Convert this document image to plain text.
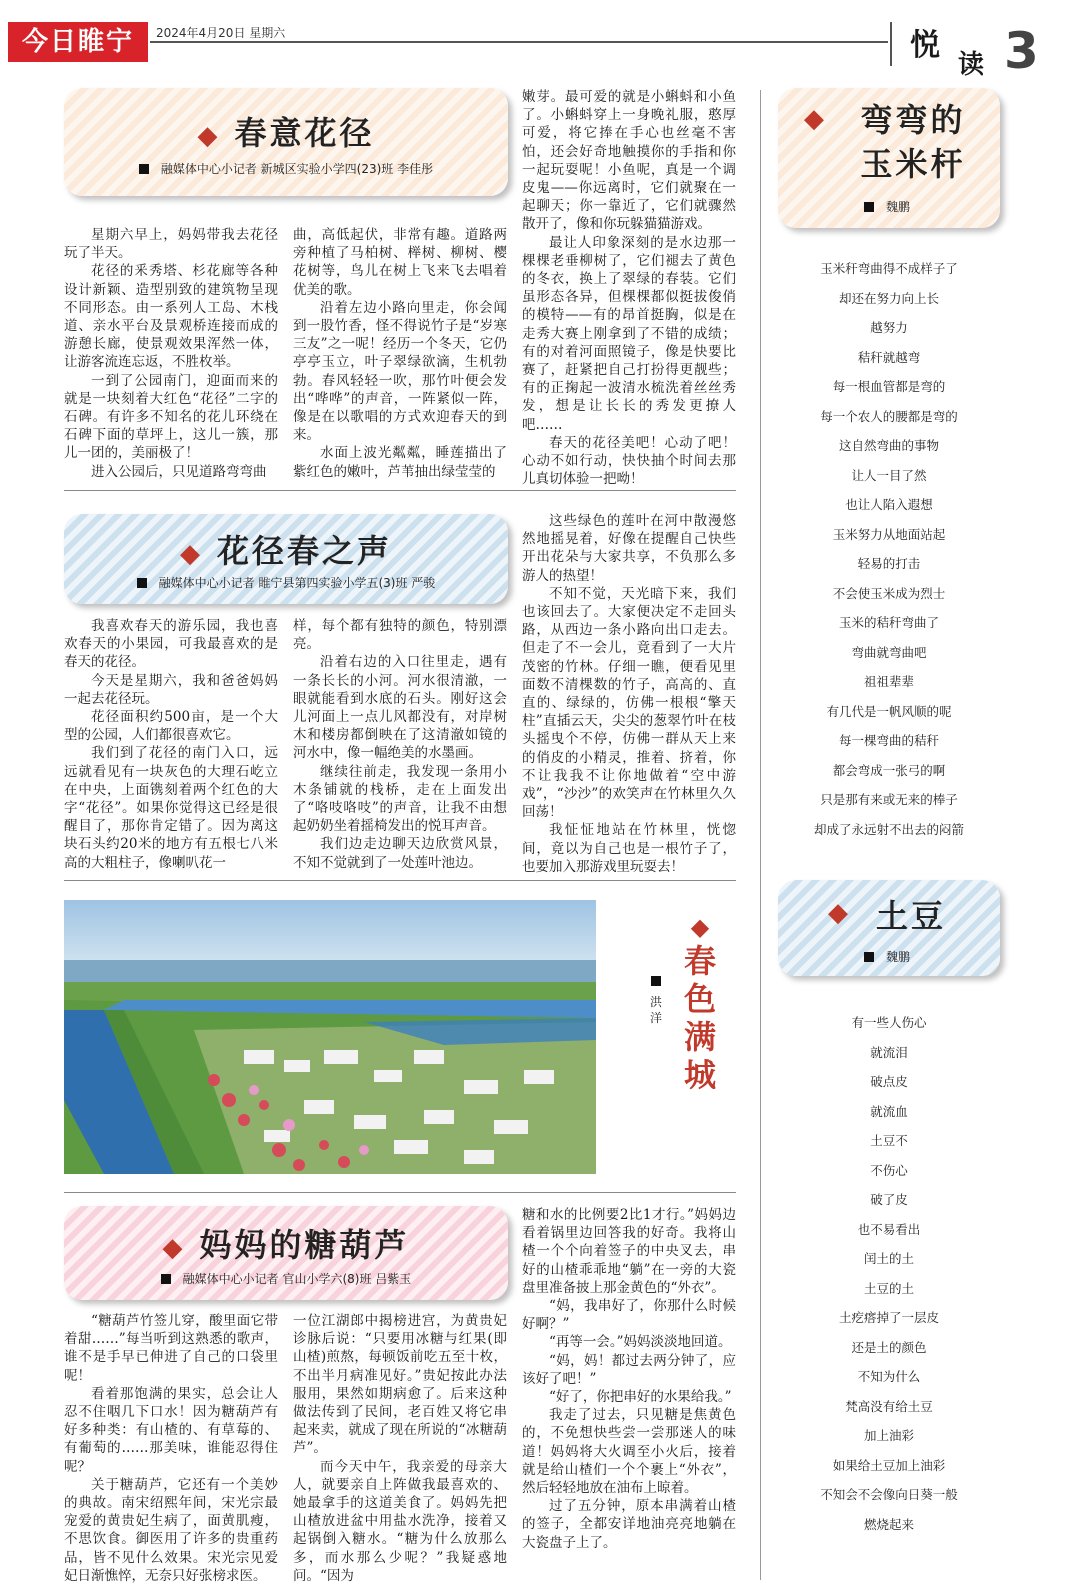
今日睢宁	2024年4月20日 星期六	悦
读 3
◆ 春意花径
融媒体中心小记者 新城区实验小学四(23)班 李佳彤

星期六早上，妈妈带我去花径玩了半天。

花径的釆秀塔、杉花廊等各种设计新颖、造型别致的建筑物呈现不同形态。由一系列人工岛、木栈道、亲水平台及景观桥连接而成的游憩长廊，使景观效果浑然一体，让游客流连忘返，不胜枚举。

一到了公园南门，迎面而来的就是一块刻着大红色“花径”二字的石碑。有许多不知名的花儿环绕在石碑下面的草坪上，这儿一簇，那儿一团的，美丽极了！

进入公园后，只见道路弯弯曲

曲，高低起伏，非常有趣。道路两旁种植了马柏树、榉树、柳树、樱花树等，鸟儿在树上飞来飞去唱着优美的歌。

沿着左边小路向里走，你会闻到一股竹香，怪不得说竹子是“岁寒三友”之一呢！经历一个冬天，它仍亭亭玉立，叶子翠绿欲滴，生机勃勃。春风轻轻一吹，那竹叶便会发出“哗哗”的声音，一阵紧似一阵，像是在以歌唱的方式欢迎春天的到来。

水面上波光粼粼，睡莲描出了紫红色的嫩叶，芦苇抽出绿莹莹的

嫩芽。最可爱的就是小蝌蚪和小鱼了。小蝌蚪穿上一身晚礼服，憨厚可爱，将它捧在手心也丝毫不害怕，还会好奇地触摸你的手指和你一起玩耍呢！小鱼呢，真是一个调皮鬼——你远离时，它们就聚在一起聊天；你一靠近了，它们就骤然散开了，像和你玩躲猫猫游戏。

最让人印象深刻的是水边那一棵棵老垂柳树了，它们褪去了黄色的冬衣，换上了翠绿的春装。它们虽形态各异，但棵棵都似挺拔俊俏的模特——有的昂首挺胸，似是在走秀大赛上刚拿到了不错的成绩；有的对着河面照镜子，像是快要比赛了，赶紧把自己打扮得更靓些；有的正掬起一波清水梳洗着丝丝秀发，想是让长长的秀发更撩人吧……

春天的花径美吧！心动了吧！心动不如行动，快快抽个时间去那儿真切体验一把呦！

◆ 花径春之声
融媒体中心小记者 睢宁县第四实验小学五(3)班 严骏

我喜欢春天的游乐园，我也喜欢春天的小果园，可我最喜欢的是春天的花径。

今天是星期六，我和爸爸妈妈一起去花径玩。

花径面积约500亩，是一个大型的公园，人们都很喜欢它。

我们到了花径的南门入口，远远就看见有一块灰色的大理石屹立在中央，上面镌刻着两个红色的大字“花径”。如果你觉得这已经是很醒目了，那你肯定错了。因为离这块石头约20米的地方有五根七八米高的大粗柱子，像喇叭花一

样，每个都有独特的颜色，特别漂亮。

沿着右边的入口往里走，遇有一条长长的小河。河水很清澈，一眼就能看到水底的石头。刚好这会儿河面上一点儿风都没有，对岸树木和楼房都倒映在了这清澈如镜的河水中，像一幅绝美的水墨画。

继续往前走，我发现一条用小木条铺就的栈桥，走在上面发出了“咯吱咯吱”的声音，让我不由想起奶奶坐着摇椅发出的悦耳声音。

我们边走边聊天边欣赏风景，不知不觉就到了一处莲叶池边。

这些绿色的莲叶在河中散漫悠然地摇晃着，好像在提醒自己快些开出花朵与大家共享，不负那么多游人的热望！

不知不觉，天光暗下来，我们也该回去了。大家便决定不走回头路，从西边一条小路向出口走去。但走了不一会儿，竟看到了一大片茂密的竹林。仔细一瞧，便看见里面数不清棵数的竹子，高高的、直直的、绿绿的，仿佛一根根“擎天柱”直插云天，尖尖的葱翠竹叶在枝头摇曳个不停，仿佛一群从天上来的俏皮的小精灵，推着、挤着，你不让我我不让你地做着“空中游戏”，“沙沙”的欢笑声在竹林里久久回荡！

我怔怔地站在竹林里，恍惚间，竟以为自己也是一根竹子了，也要加入那游戏里玩耍去！

◆
春色满城
洪洋
◆ 妈妈的糖葫芦
融媒体中心小记者 官山小学六(8)班 吕紫玉

“糖葫芦竹签儿穿，酸里面它带着甜……”每当听到这熟悉的歌声，谁不是手早已伸进了自己的口袋里呢！

看着那饱满的果实，总会让人忍不住咽几下口水！因为糖葫芦有好多种类：有山楂的、有草莓的、有葡萄的……那美味，谁能忍得住呢？

关于糖葫芦，它还有一个美妙的典故。南宋绍熙年间，宋光宗最宠爱的黄贵妃生病了，面黄肌瘦，不思饮食。御医用了许多的贵重药品，皆不见什么效果。宋光宗见爱妃日渐憔悴，无奈只好张榜求医。

一位江湖郎中揭榜进宫，为黄贵妃诊脉后说：“只要用冰糖与红果(即山楂)煎熬，每顿饭前吃五至十枚，不出半月病准见好。”贵妃按此办法服用，果然如期病愈了。后来这种做法传到了民间，老百姓又将它串起来卖，就成了现在所说的“冰糖葫芦”。

而今天中午，我亲爱的母亲大人，就要亲自上阵做我最喜欢的、她最拿手的这道美食了。妈妈先把山楂放进盆中用盐水洗净，接着又起锅倒入糖水。“糖为什么放那么多，而水那么少呢？”我疑惑地问。“因为

糖和水的比例要2比1才行。”妈妈边看着锅里边回答我的好奇。我将山楂一个个向着签子的中央叉去，串好的山楂乖乖地“躺”在一旁的大瓷盘里准备披上那金黄色的“外衣”。

“妈，我串好了，你那什么时候好啊？”

“再等一会。”妈妈淡淡地回道。

“妈，妈！都过去两分钟了，应该好了吧！”

“好了，你把串好的水果给我。”

我走了过去，只见糖是焦黄色的，不免想快些尝一尝那迷人的味道！妈妈将大火调至小火后，接着就是给山楂们一个个裹上“外衣”，然后轻轻地放在油布上晾着。

过了五分钟，原本串满着山楂的签子，全都安详地油亮亮地躺在大瓷盘子上了。

◆	弯弯的
玉米杆
魏鹏
玉米秆弯曲得不成样子了
却还在努力向上长
越努力
秸秆就越弯
每一根血管都是弯的
每一个农人的腰都是弯的
这自然弯曲的事物
让人一目了然
也让人陷入遐想
玉米努力从地面站起
轻易的打击
不会使玉米成为烈士
玉米的秸秆弯曲了
弯曲就弯曲吧
祖祖辈辈
有几代是一帆风顺的呢
每一棵弯曲的秸秆
都会弯成一张弓的啊
只是那有来或无来的棒子
却成了永远射不出去的闷箭
◆ 土豆
魏鹏
有一些人伤心
就流泪
破点皮
就流血
土豆不
不伤心
破了皮
也不易看出
闰土的土
土豆的土
土疙瘩掉了一层皮
还是土的颜色
不知为什么
梵高没有给土豆
加上油彩
如果给土豆加上油彩
不知会不会像向日葵一般
燃烧起来
